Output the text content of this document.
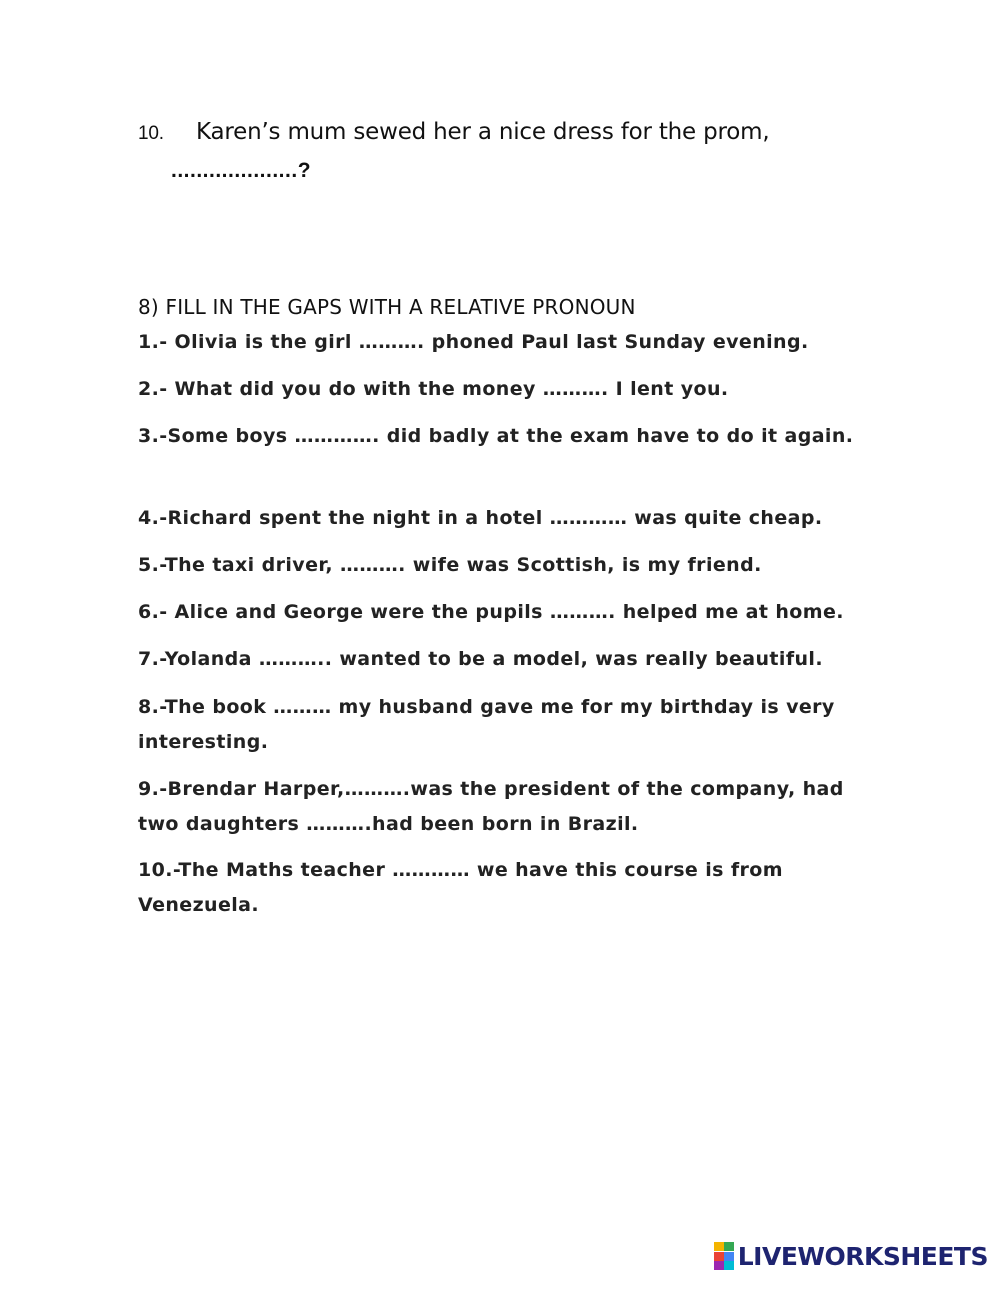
10. Karen’s mum sewed her a nice dress for the prom,
....................?
8) FILL IN THE GAPS WITH A RELATIVE PRONOUN
1.- Olivia is the girl ………. phoned Paul last Sunday evening.
2.- What did you do with the money ………. I lent you.
3.-Some boys …………. did badly at the exam have to do it again.
4.-Richard spent the night in a hotel ………… was quite cheap.
5.-The taxi driver, ………. wife was Scottish, is my friend.
6.- Alice and George were the pupils ………. helped me at home.
7.-Yolanda ……….. wanted to be a model, was really beautiful.
8.-The book ……… my husband gave me for my birthday is very interesting.
9.-Brendar Harper,……….was the president of the company, had two daughters ……….had been born in Brazil.
10.-The Maths teacher ………… we have this course is from Venezuela.
LIVEWORKSHEETS
